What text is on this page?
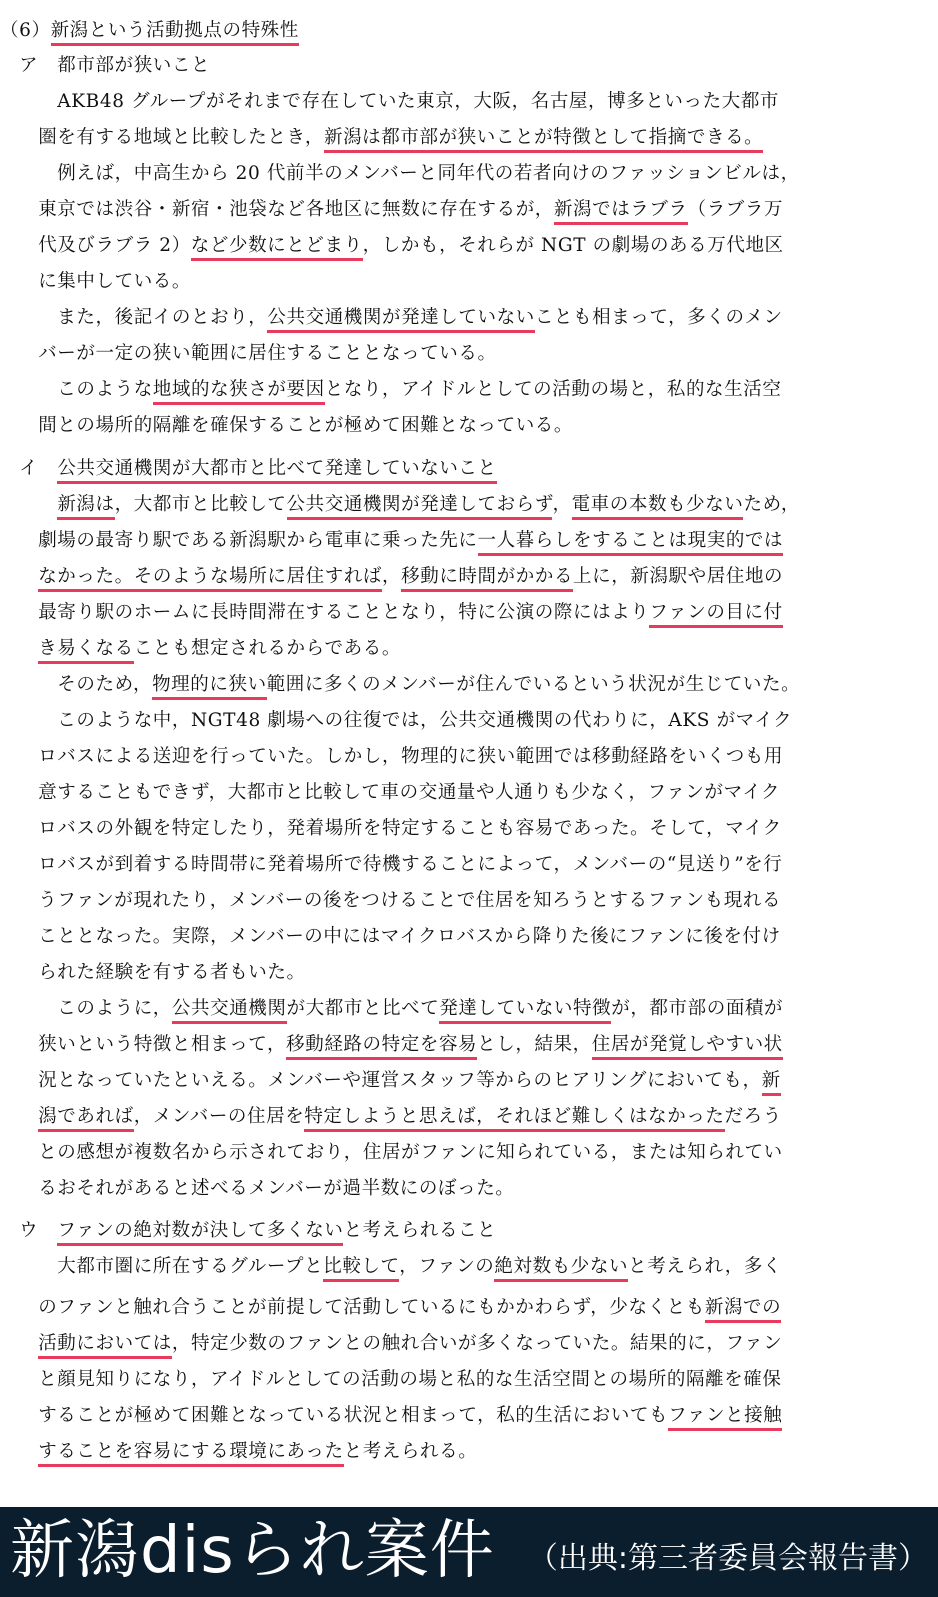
（6）新潟という活動拠点の特殊性
　ア　都市部が狭いこと
　　　AKB48 グループがそれまで存在していた東京，大阪，名古屋，博多といった大都市
　　圏を有する地域と比較したとき，新潟は都市部が狭いことが特徴として指摘できる。
　　　例えば，中高生から 20 代前半のメンバーと同年代の若者向けのファッションビルは，
　　東京では渋谷・新宿・池袋など各地区に無数に存在するが，新潟ではラブラ（ラブラ万
　　代及びラブラ 2）など少数にとどまり，しかも，それらが NGT の劇場のある万代地区
　　に集中している。
　　　また，後記イのとおり，公共交通機関が発達していないことも相まって，多くのメン
　　バーが一定の狭い範囲に居住することとなっている。
　　　このような地域的な狭さが要因となり，アイドルとしての活動の場と，私的な生活空
　　間との場所的隔離を確保することが極めて困難となっている。
　イ　公共交通機関が大都市と比べて発達していないこと
　　　新潟は，大都市と比較して公共交通機関が発達しておらず，電車の本数も少ないため，
　　劇場の最寄り駅である新潟駅から電車に乗った先に一人暮らしをすることは現実的では
　　なかった。そのような場所に居住すれば，移動に時間がかかる上に，新潟駅や居住地の
　　最寄り駅のホームに長時間滞在することとなり，特に公演の際にはよりファンの目に付
　　き易くなることも想定されるからである。
　　　そのため，物理的に狭い範囲に多くのメンバーが住んでいるという状況が生じていた。
　　　このような中，NGT48 劇場への往復では，公共交通機関の代わりに，AKS がマイク
　　ロバスによる送迎を行っていた。しかし，物理的に狭い範囲では移動経路をいくつも用
　　意することもできず，大都市と比較して車の交通量や人通りも少なく，ファンがマイク
　　ロバスの外観を特定したり，発着場所を特定することも容易であった。そして，マイク
　　ロバスが到着する時間帯に発着場所で待機することによって，メンバーの“見送り”を行
　　うファンが現れたり，メンバーの後をつけることで住居を知ろうとするファンも現れる
　　こととなった。実際，メンバーの中にはマイクロバスから降りた後にファンに後を付け
　　られた経験を有する者もいた。
　　　このように，公共交通機関が大都市と比べて発達していない特徴が，都市部の面積が
　　狭いという特徴と相まって，移動経路の特定を容易とし，結果，住居が発覚しやすい状
　　況となっていたといえる。メンバーや運営スタッフ等からのヒアリングにおいても，新
　　潟であれば，メンバーの住居を特定しようと思えば，それほど難しくはなかっただろう
　　との感想が複数名から示されており，住居がファンに知られている，または知られてい
　　るおそれがあると述べるメンバーが過半数にのぼった。
　ウ　ファンの絶対数が決して多くないと考えられること
　　　大都市圏に所在するグループと比較して，ファンの絶対数も少ないと考えられ，多く
　　のファンと触れ合うことが前提して活動しているにもかかわらず，少なくとも新潟での
　　活動においては，特定少数のファンとの触れ合いが多くなっていた。結果的に，ファン
　　と顔見知りになり，アイドルとしての活動の場と私的な生活空間との場所的隔離を確保
　　することが極めて困難となっている状況と相まって，私的生活においてもファンと接触
　　することを容易にする環境にあったと考えられる。
新潟disられ案件 （出典:第三者委員会報告書）
